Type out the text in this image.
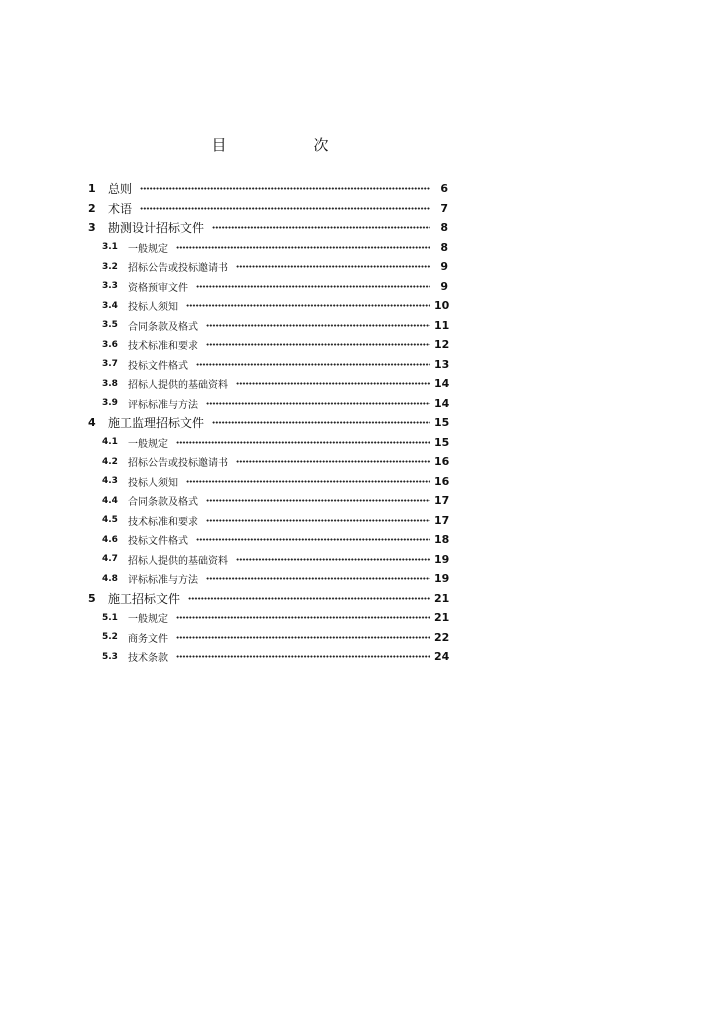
目　次
1	总则	6
2	术语	7
3	勘测设计招标文件	8
3.1	一般规定	8
3.2	招标公告或投标邀请书	9
3.3	资格预审文件	9
3.4	投标人须知	10
3.5	合同条款及格式	11
3.6	技术标准和要求	12
3.7	投标文件格式	13
3.8	招标人提供的基础资料	14
3.9	评标标准与方法	14
4	施工监理招标文件	15
4.1	一般规定	15
4.2	招标公告或投标邀请书	16
4.3	投标人须知	16
4.4	合同条款及格式	17
4.5	技术标准和要求	17
4.6	投标文件格式	18
4.7	招标人提供的基础资料	19
4.8	评标标准与方法	19
5	施工招标文件	21
5.1	一般规定	21
5.2	商务文件	22
5.3	技术条款	24
